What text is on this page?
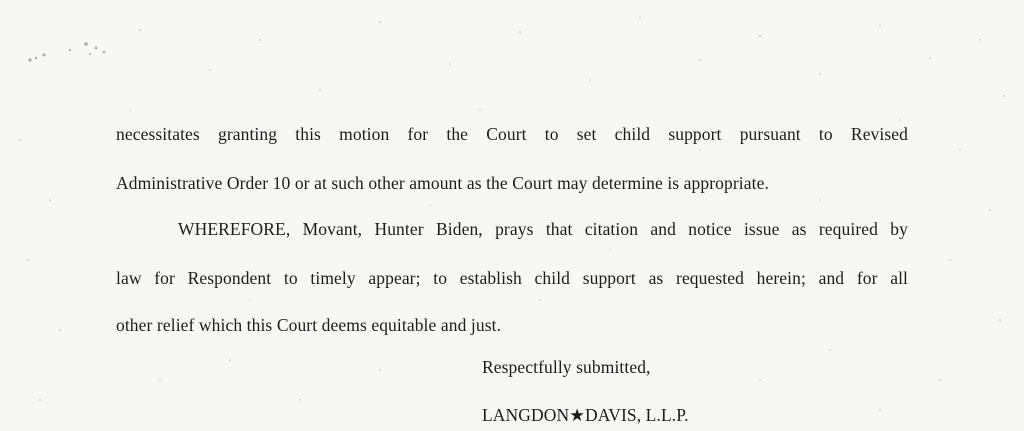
necessitates granting this motion for the Court to set child support pursuant to Revised
Administrative Order 10 or at such other amount as the Court may determine is appropriate.
WHEREFORE, Movant, Hunter Biden, prays that citation and notice issue as required by
law for Respondent to timely appear; to establish child support as requested herein; and for all
other relief which this Court deems equitable and just.
Respectfully submitted,
LANGDON★DAVIS, L.L.P.
